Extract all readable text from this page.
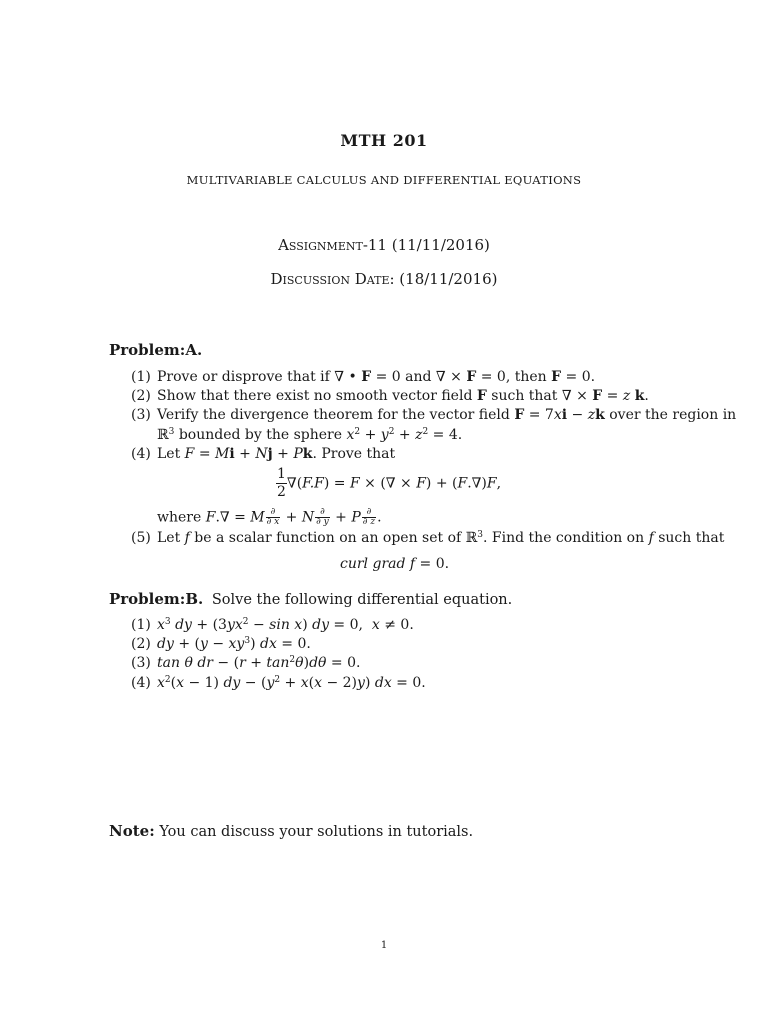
MTH 201
MULTIVARIABLE CALCULUS AND DIFFERENTIAL EQUATIONS
Assignment-11 (11/11/2016)
Discussion Date: (18/11/2016)
Problem:A.
(1) Prove or disprove that if ∇ • F = 0 and ∇ × F = 0, then F = 0.
(2) Show that there exist no smooth vector field F such that ∇ × F = z k.
(3) Verify the divergence theorem for the vector field F = 7xi − zk over the region in
ℝ$^3$ bounded by the sphere $x^2 + y^2 + z^2 = 4$.
(4) Let F = Mi + Nj + Pk. Prove that
$\frac{1}{2} \nabla(F.F) = F$ × (∇ × F) + (F.∇)F,
where F.∇ = M $\frac{\partial}{\partial x} + N \frac{\partial}{\partial y} + P \frac{\partial}{\partial z}$ .
(5) Let f be a scalar function on an open set of ℝ$^3$. Find the condition on f such that
curl grad f = 0.
Problem:B. Solve the following differential equation.
(1) $x^3$ dy + $(3yx^2 - \sin x)$ dy = 0,  x ≠ 0.
(2) dy + $(y - xy^3)$ dx = 0.
(3) tan θ dr − $(r + \tan^2\theta)d\theta = 0$.
(4) $x^2(x - 1)$ dy − $(y^2 + x(x - 2)y)$ dx = 0.
Note: You can discuss your solutions in tutorials.
1
